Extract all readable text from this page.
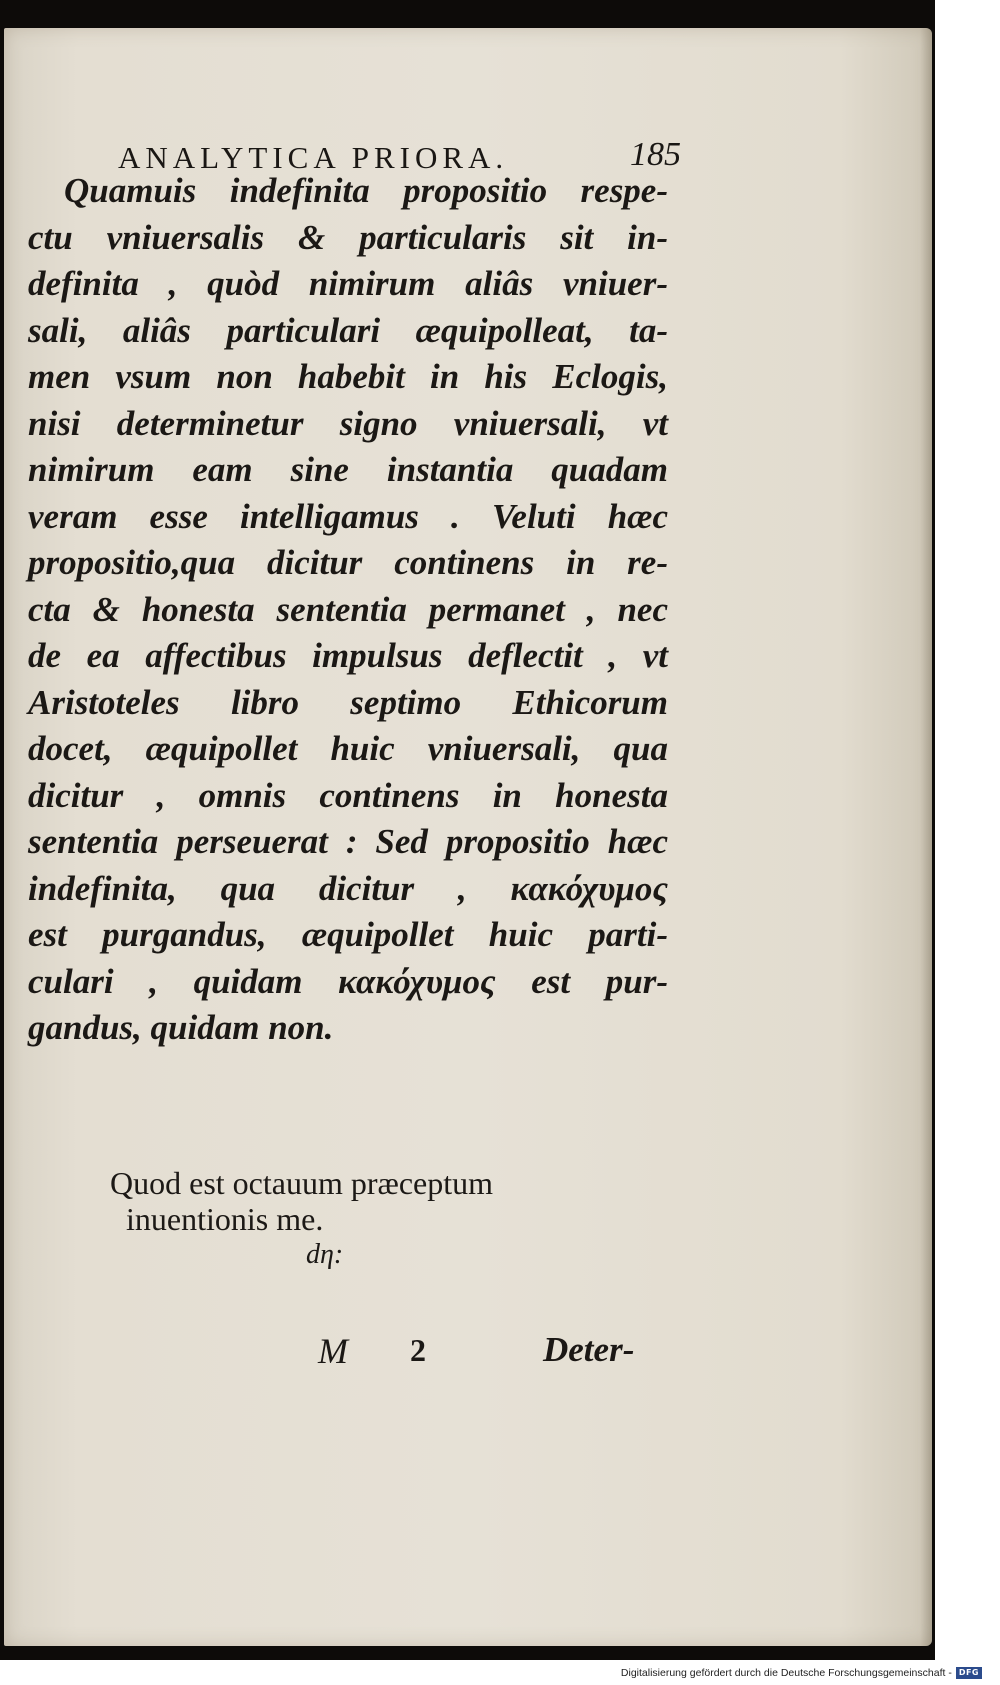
ANALYTICA PRIORA.	185
Quamuis indefinita propositio respe-
ctu vniuersalis & particularis sit in-
definita , quòd nimirum aliâs vniuer-
sali, aliâs particulari æquipolleat, ta-
men vsum non habebit in his Eclogis,
nisi determinetur signo vniuersali, vt
nimirum eam sine instantia quadam
veram esse intelligamus . Veluti hæc
propositio,qua dicitur continens in re-
cta & honesta sententia permanet , nec
de ea affectibus impulsus deflectit , vt
Aristoteles libro septimo Ethicorum
docet, æquipollet huic vniuersali, qua
dicitur , omnis continens in honesta
sententia perseuerat : Sed propositio hæc
indefinita, qua dicitur , κακόχυμος
est purgandus, æquipollet huic parti-
culari , quidam κακόχυμος est pur-
gandus, quidam non.
Quod est octauum præceptum
inuentionis me.
dη:
M 2	Deter-
Digitalisierung gefördert durch die Deutsche Forschungsgemeinschaft - DFG
